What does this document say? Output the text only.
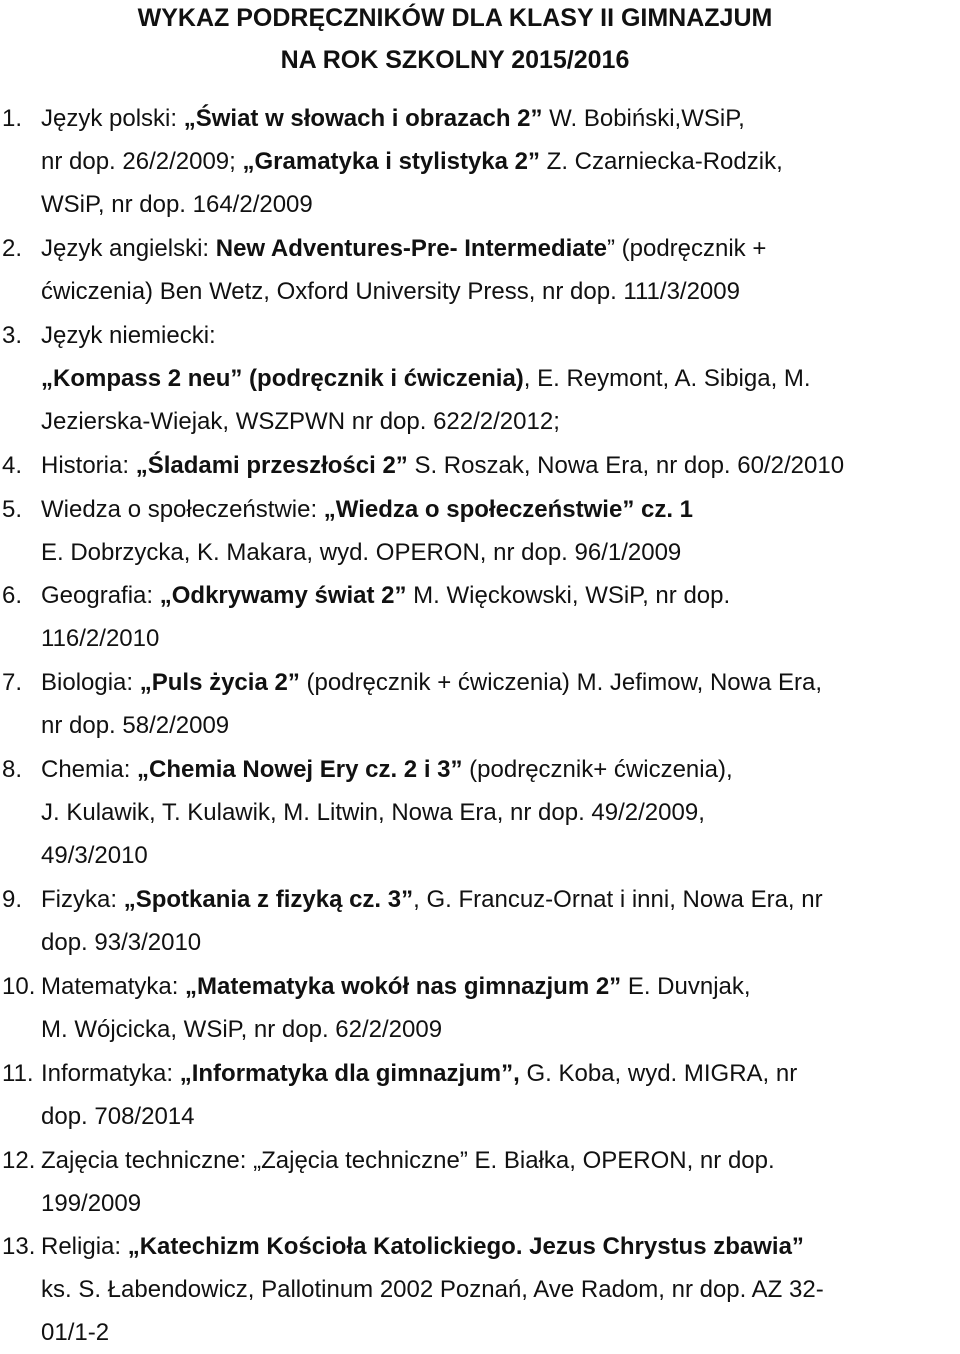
WYKAZ PODRĘCZNIKÓW DLA KLASY II GIMNAZJUM
NA ROK SZKOLNY 2015/2016
1. Język polski: „Świat w słowach i obrazach 2” W. Bobiński,WSiP,
nr dop. 26/2/2009; „Gramatyka i stylistyka 2” Z. Czarniecka-Rodzik,
WSiP, nr dop. 164/2/2009
2. Język angielski: New Adventures-Pre- Intermediate” (podręcznik +
ćwiczenia) Ben Wetz, Oxford University Press, nr dop. 111/3/2009
3. Język niemiecki:
„Kompass 2 neu” (podręcznik i ćwiczenia), E. Reymont, A. Sibiga, M.
Jezierska-Wiejak, WSZPWN nr dop. 622/2/2012;
4. Historia: „Śladami przeszłości 2” S. Roszak, Nowa Era, nr dop. 60/2/2010
5. Wiedza o społeczeństwie: „Wiedza o społeczeństwie” cz. 1
E. Dobrzycka, K. Makara, wyd. OPERON, nr dop. 96/1/2009
6. Geografia: „Odkrywamy świat 2” M. Więckowski, WSiP, nr dop.
116/2/2010
7. Biologia: „Puls życia 2” (podręcznik + ćwiczenia) M. Jefimow, Nowa Era,
nr dop. 58/2/2009
8. Chemia: „Chemia Nowej Ery cz. 2 i 3” (podręcznik+ ćwiczenia),
J. Kulawik, T. Kulawik, M. Litwin, Nowa Era, nr dop. 49/2/2009,
49/3/2010
9. Fizyka: „Spotkania z fizyką cz. 3”, G. Francuz-Ornat i inni, Nowa Era, nr
dop. 93/3/2010
10. Matematyka: „Matematyka wokół nas gimnazjum 2” E. Duvnjak,
M. Wójcicka, WSiP, nr dop. 62/2/2009
11. Informatyka: „Informatyka dla gimnazjum”, G. Koba, wyd. MIGRA, nr
dop. 708/2014
12. Zajęcia techniczne: „Zajęcia techniczne” E. Białka, OPERON, nr dop.
199/2009
13. Religia: „Katechizm Kościoła Katolickiego. Jezus Chrystus zbawia”
ks. S. Łabendowicz, Pallotinum 2002 Poznań, Ave Radom, nr dop. AZ 32-
01/1-2
